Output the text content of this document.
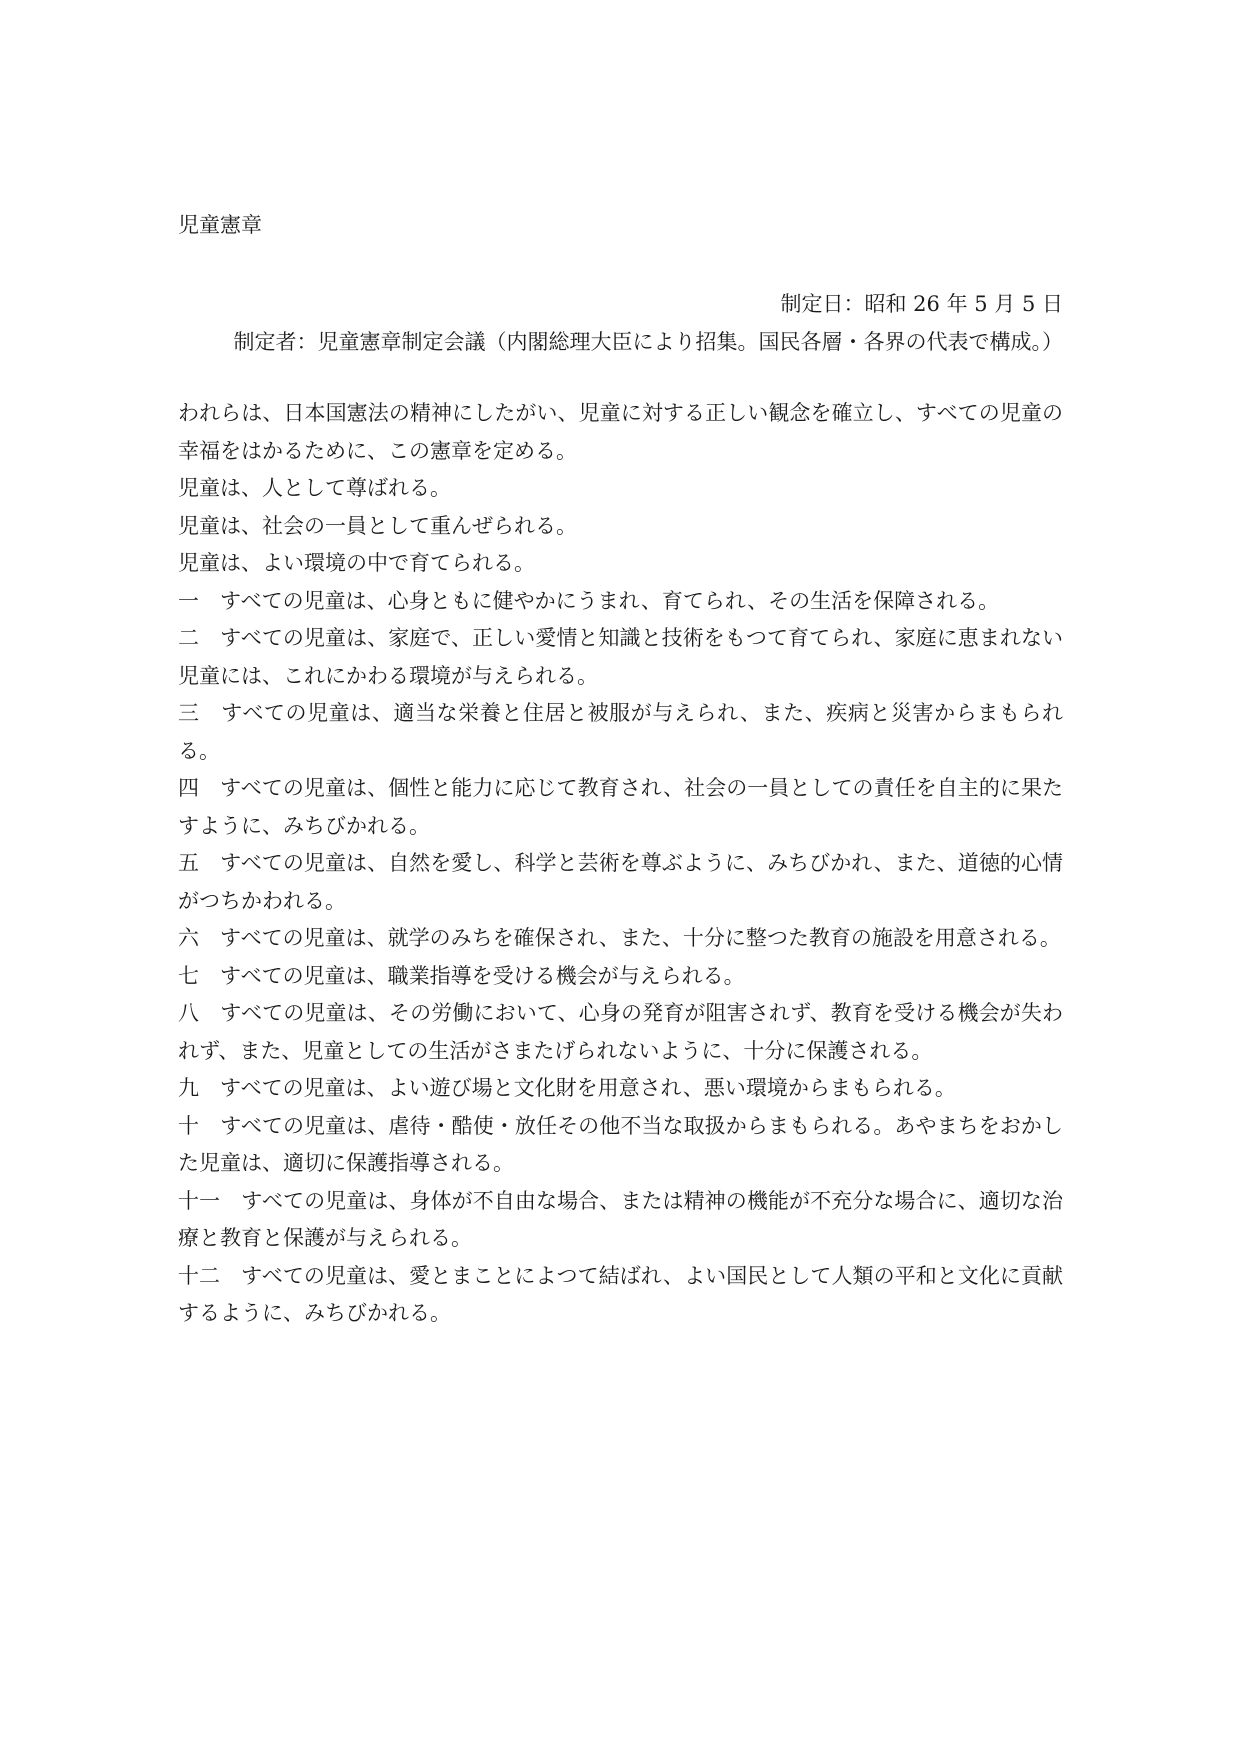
児童憲章
制定日：昭和 26 年 5 月 5 日
制定者：児童憲章制定会議（内閣総理大臣により招集。国民各層・各界の代表で構成。）

われらは、日本国憲法の精神にしたがい、児童に対する正しい観念を確立し、すべての児童の幸福をはかるために、この憲章を定める。

児童は、人として尊ばれる。

児童は、社会の一員として重んぜられる。

児童は、よい環境の中で育てられる。

一　 すべての児童は、心身ともに健やかにうまれ、育てられ、その生活を保障される。

二　 すべての児童は、家庭で、正しい愛情と知識と技術をもつて育てられ、家庭に恵まれない児童には、これにかわる環境が与えられる。

三　 すべての児童は、適当な栄養と住居と被服が与えられ、また、疾病と災害からまもられる。

四　 すべての児童は、個性と能力に応じて教育され、社会の一員としての責任を自主的に果たすように、みちびかれる。

五　 すべての児童は、自然を愛し、科学と芸術を尊ぶように、みちびかれ、また、道徳的心情がつちかわれる。

六　 すべての児童は、就学のみちを確保され、また、十分に整つた教育の施設を用意される。

七　 すべての児童は、職業指導を受ける機会が与えられる。

八　 すべての児童は、その労働において、心身の発育が阻害されず、教育を受ける機会が失われず、また、児童としての生活がさまたげられないように、十分に保護される。

九　 すべての児童は、よい遊び場と文化財を用意され、悪い環境からまもられる。

十　 すべての児童は、虐待・酷使・放任その他不当な取扱からまもられる。あやまちをおかした児童は、適切に保護指導される。

十一　 すべての児童は、身体が不自由な場合、または精神の機能が不充分な場合に、適切な治療と教育と保護が与えられる。

十二　 すべての児童は、愛とまことによつて結ばれ、よい国民として人類の平和と文化に貢献するように、みちびかれる。
